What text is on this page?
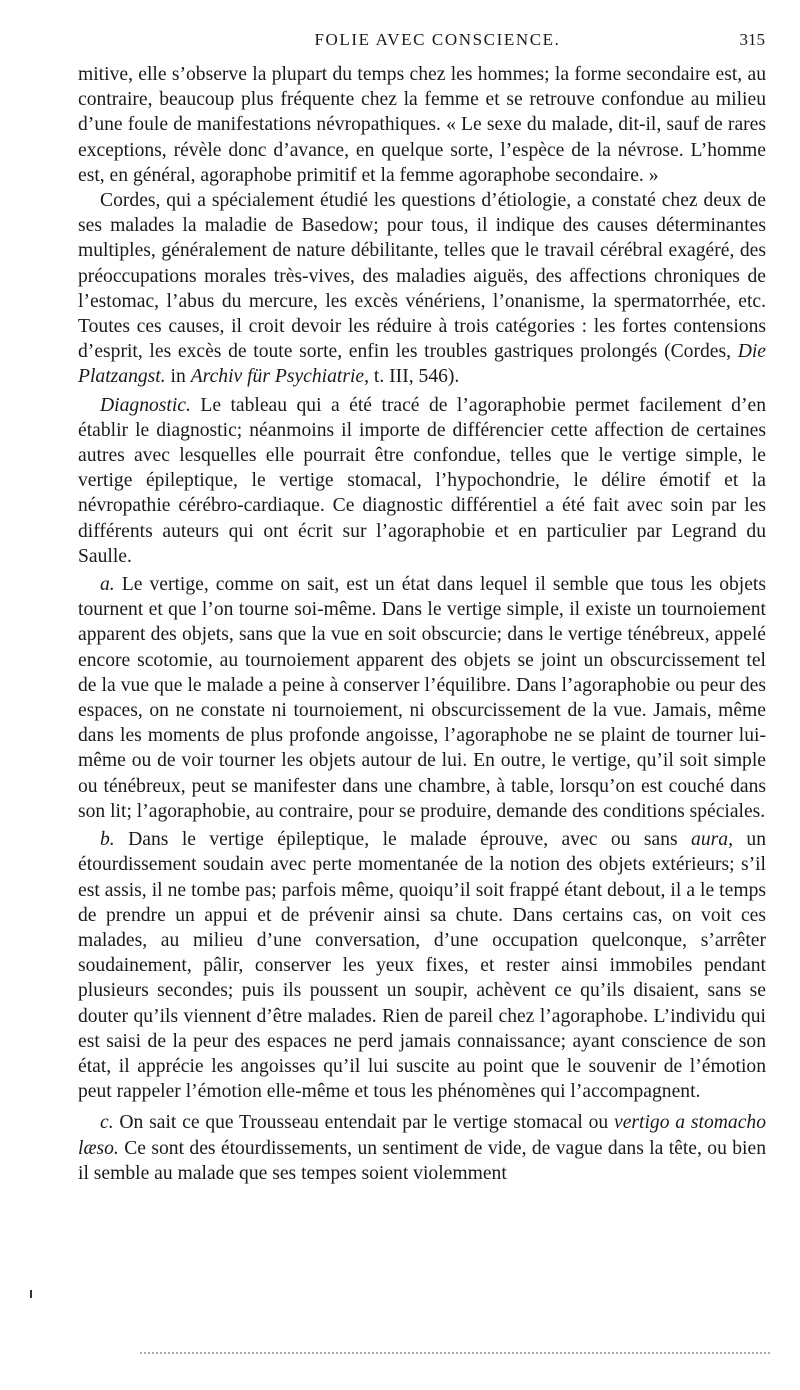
FOLIE AVEC CONSCIENCE.	315

mitive, elle s’observe la plupart du temps chez les hommes; la forme secondaire est, au contraire, beaucoup plus fréquente chez la femme et se retrouve confondue au milieu d’une foule de manifestations névropathiques. « Le sexe du malade, dit-il, sauf de rares exceptions, révèle donc d’avance, en quelque sorte, l’espèce de la névrose. L’homme est, en général, agoraphobe primitif et la femme agoraphobe secondaire. »

Cordes, qui a spécialement étudié les questions d’étiologie, a constaté chez deux de ses malades la maladie de Basedow; pour tous, il indique des causes déterminantes multiples, généralement de nature débilitante, telles que le travail cérébral exagéré, des préoccupations morales très-vives, des maladies aiguës, des affections chroniques de l’estomac, l’abus du mercure, les excès vénériens, l’onanisme, la spermatorrhée, etc. Toutes ces causes, il croit devoir les réduire à trois catégories : les fortes contensions d’esprit, les excès de toute sorte, enfin les troubles gastriques prolongés (Cordes, Die Platzangst. in Archiv für Psychiatrie, t. III, 546).

Diagnostic. Le tableau qui a été tracé de l’agoraphobie permet facilement d’en établir le diagnostic; néanmoins il importe de différencier cette affection de certaines autres avec lesquelles elle pourrait être confondue, telles que le vertige simple, le vertige épileptique, le vertige stomacal, l’hypochondrie, le délire émotif et la névropathie cérébro-cardiaque. Ce diagnostic différentiel a été fait avec soin par les différents auteurs qui ont écrit sur l’agoraphobie et en particulier par Legrand du Saulle.

a. Le vertige, comme on sait, est un état dans lequel il semble que tous les objets tournent et que l’on tourne soi-même. Dans le vertige simple, il existe un tournoiement apparent des objets, sans que la vue en soit obscurcie; dans le vertige ténébreux, appelé encore scotomie, au tournoiement apparent des objets se joint un obscurcissement tel de la vue que le malade a peine à conserver l’équilibre. Dans l’agoraphobie ou peur des espaces, on ne constate ni tournoiement, ni obscurcissement de la vue. Jamais, même dans les moments de plus profonde angoisse, l’agoraphobe ne se plaint de tourner lui-même ou de voir tourner les objets autour de lui. En outre, le vertige, qu’il soit simple ou ténébreux, peut se manifester dans une chambre, à table, lorsqu’on est couché dans son lit; l’agoraphobie, au contraire, pour se produire, demande des conditions spéciales.

b. Dans le vertige épileptique, le malade éprouve, avec ou sans aura, un étourdissement soudain avec perte momentanée de la notion des objets extérieurs; s’il est assis, il ne tombe pas; parfois même, quoiqu’il soit frappé étant debout, il a le temps de prendre un appui et de prévenir ainsi sa chute. Dans certains cas, on voit ces malades, au milieu d’une conversation, d’une occupation quelconque, s’arrêter soudainement, pâlir, conserver les yeux fixes, et rester ainsi immobiles pendant plusieurs secondes; puis ils poussent un soupir, achèvent ce qu’ils disaient, sans se douter qu’ils viennent d’être malades. Rien de pareil chez l’agoraphobe. L’individu qui est saisi de la peur des espaces ne perd jamais connaissance; ayant conscience de son état, il apprécie les angoisses qu’il lui suscite au point que le souvenir de l’émotion peut rappeler l’émotion elle-même et tous les phénomènes qui l’accompagnent.

c. On sait ce que Trousseau entendait par le vertige stomacal ou vertigo a stomacho læso. Ce sont des étourdissements, un sentiment de vide, de vague dans la tête, ou bien il semble au malade que ses tempes soient violemment
